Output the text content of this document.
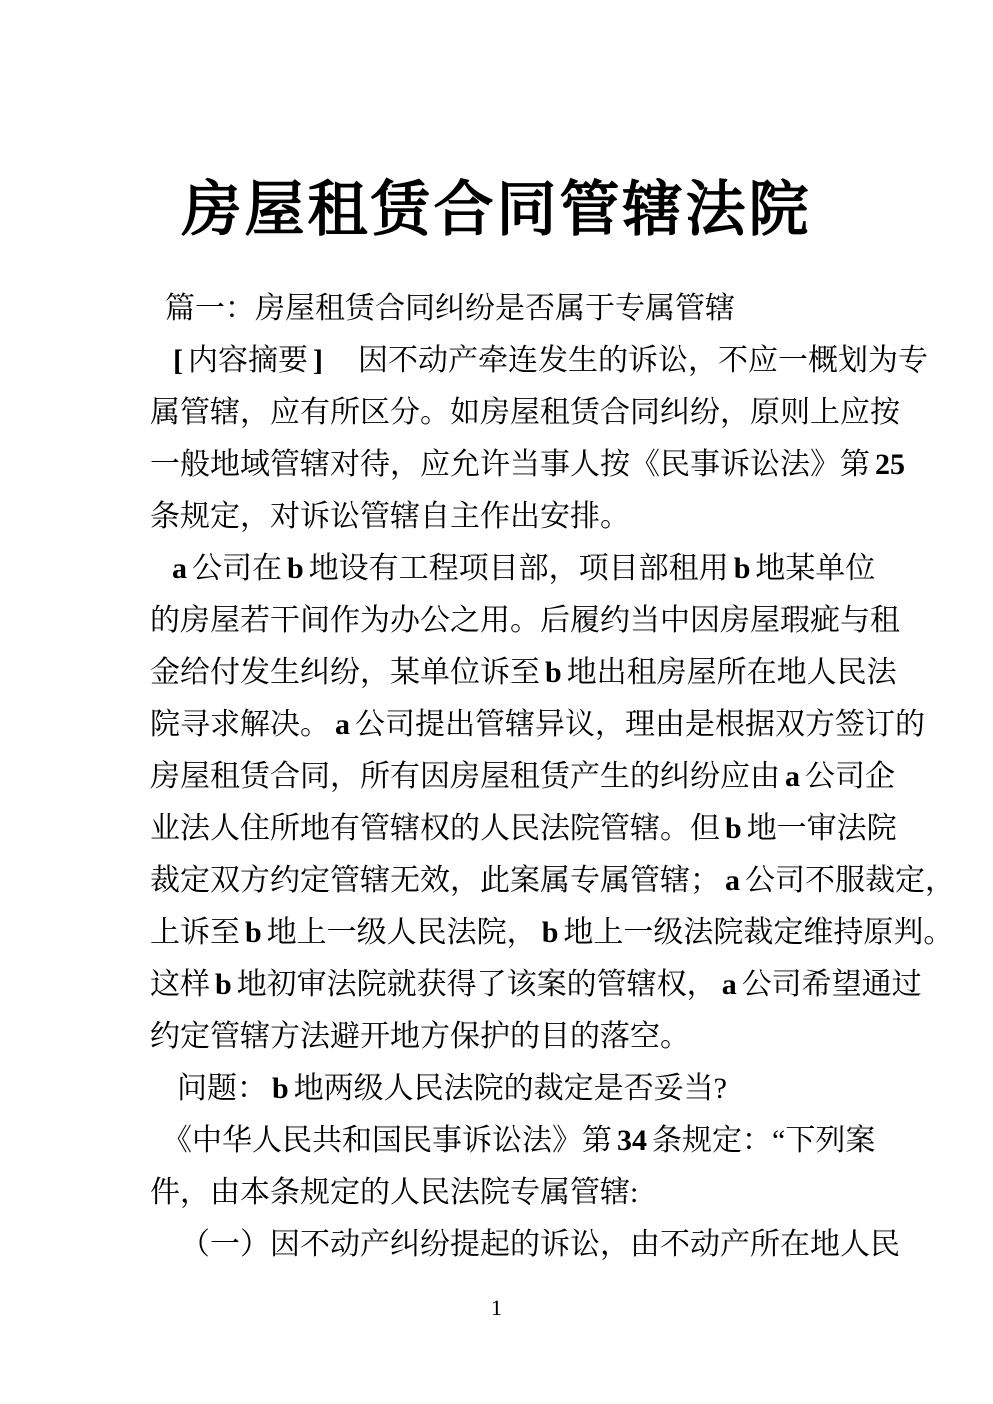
房屋租赁合同管辖法院
篇一：房屋租赁合同纠纷是否属于专属管辖
[ 内容摘要 ]　因不动产牵连发生的诉讼，不应一概划为专
属管辖，应有所区分。如房屋租赁合同纠纷，原则上应按
一般地域管辖对待，应允许当事人按《民事诉讼法》第 25
条规定，对诉讼管辖自主作出安排。
a 公司在 b 地设有工程项目部，项目部租用 b 地某单位
的房屋若干间作为办公之用。后履约当中因房屋瑕疵与租
金给付发生纠纷，某单位诉至 b 地出租房屋所在地人民法
院寻求解决。 a 公司提出管辖异议，理由是根据双方签订的
房屋租赁合同，所有因房屋租赁产生的纠纷应由 a 公司企
业法人住所地有管辖权的人民法院管辖。但 b 地一审法院
裁定双方约定管辖无效，此案属专属管辖； a 公司不服裁定，
上诉至 b 地上一级人民法院， b 地上一级法院裁定维持原判。
这样 b 地初审法院就获得了该案的管辖权， a 公司希望通过
约定管辖方法避开地方保护的目的落空。
问题： b 地两级人民法院的裁定是否妥当?
《中华人民共和国民事诉讼法》第 34 条规定：“下列案
件，由本条规定的人民法院专属管辖:
（一）因不动产纠纷提起的诉讼，由不动产所在地人民
1
